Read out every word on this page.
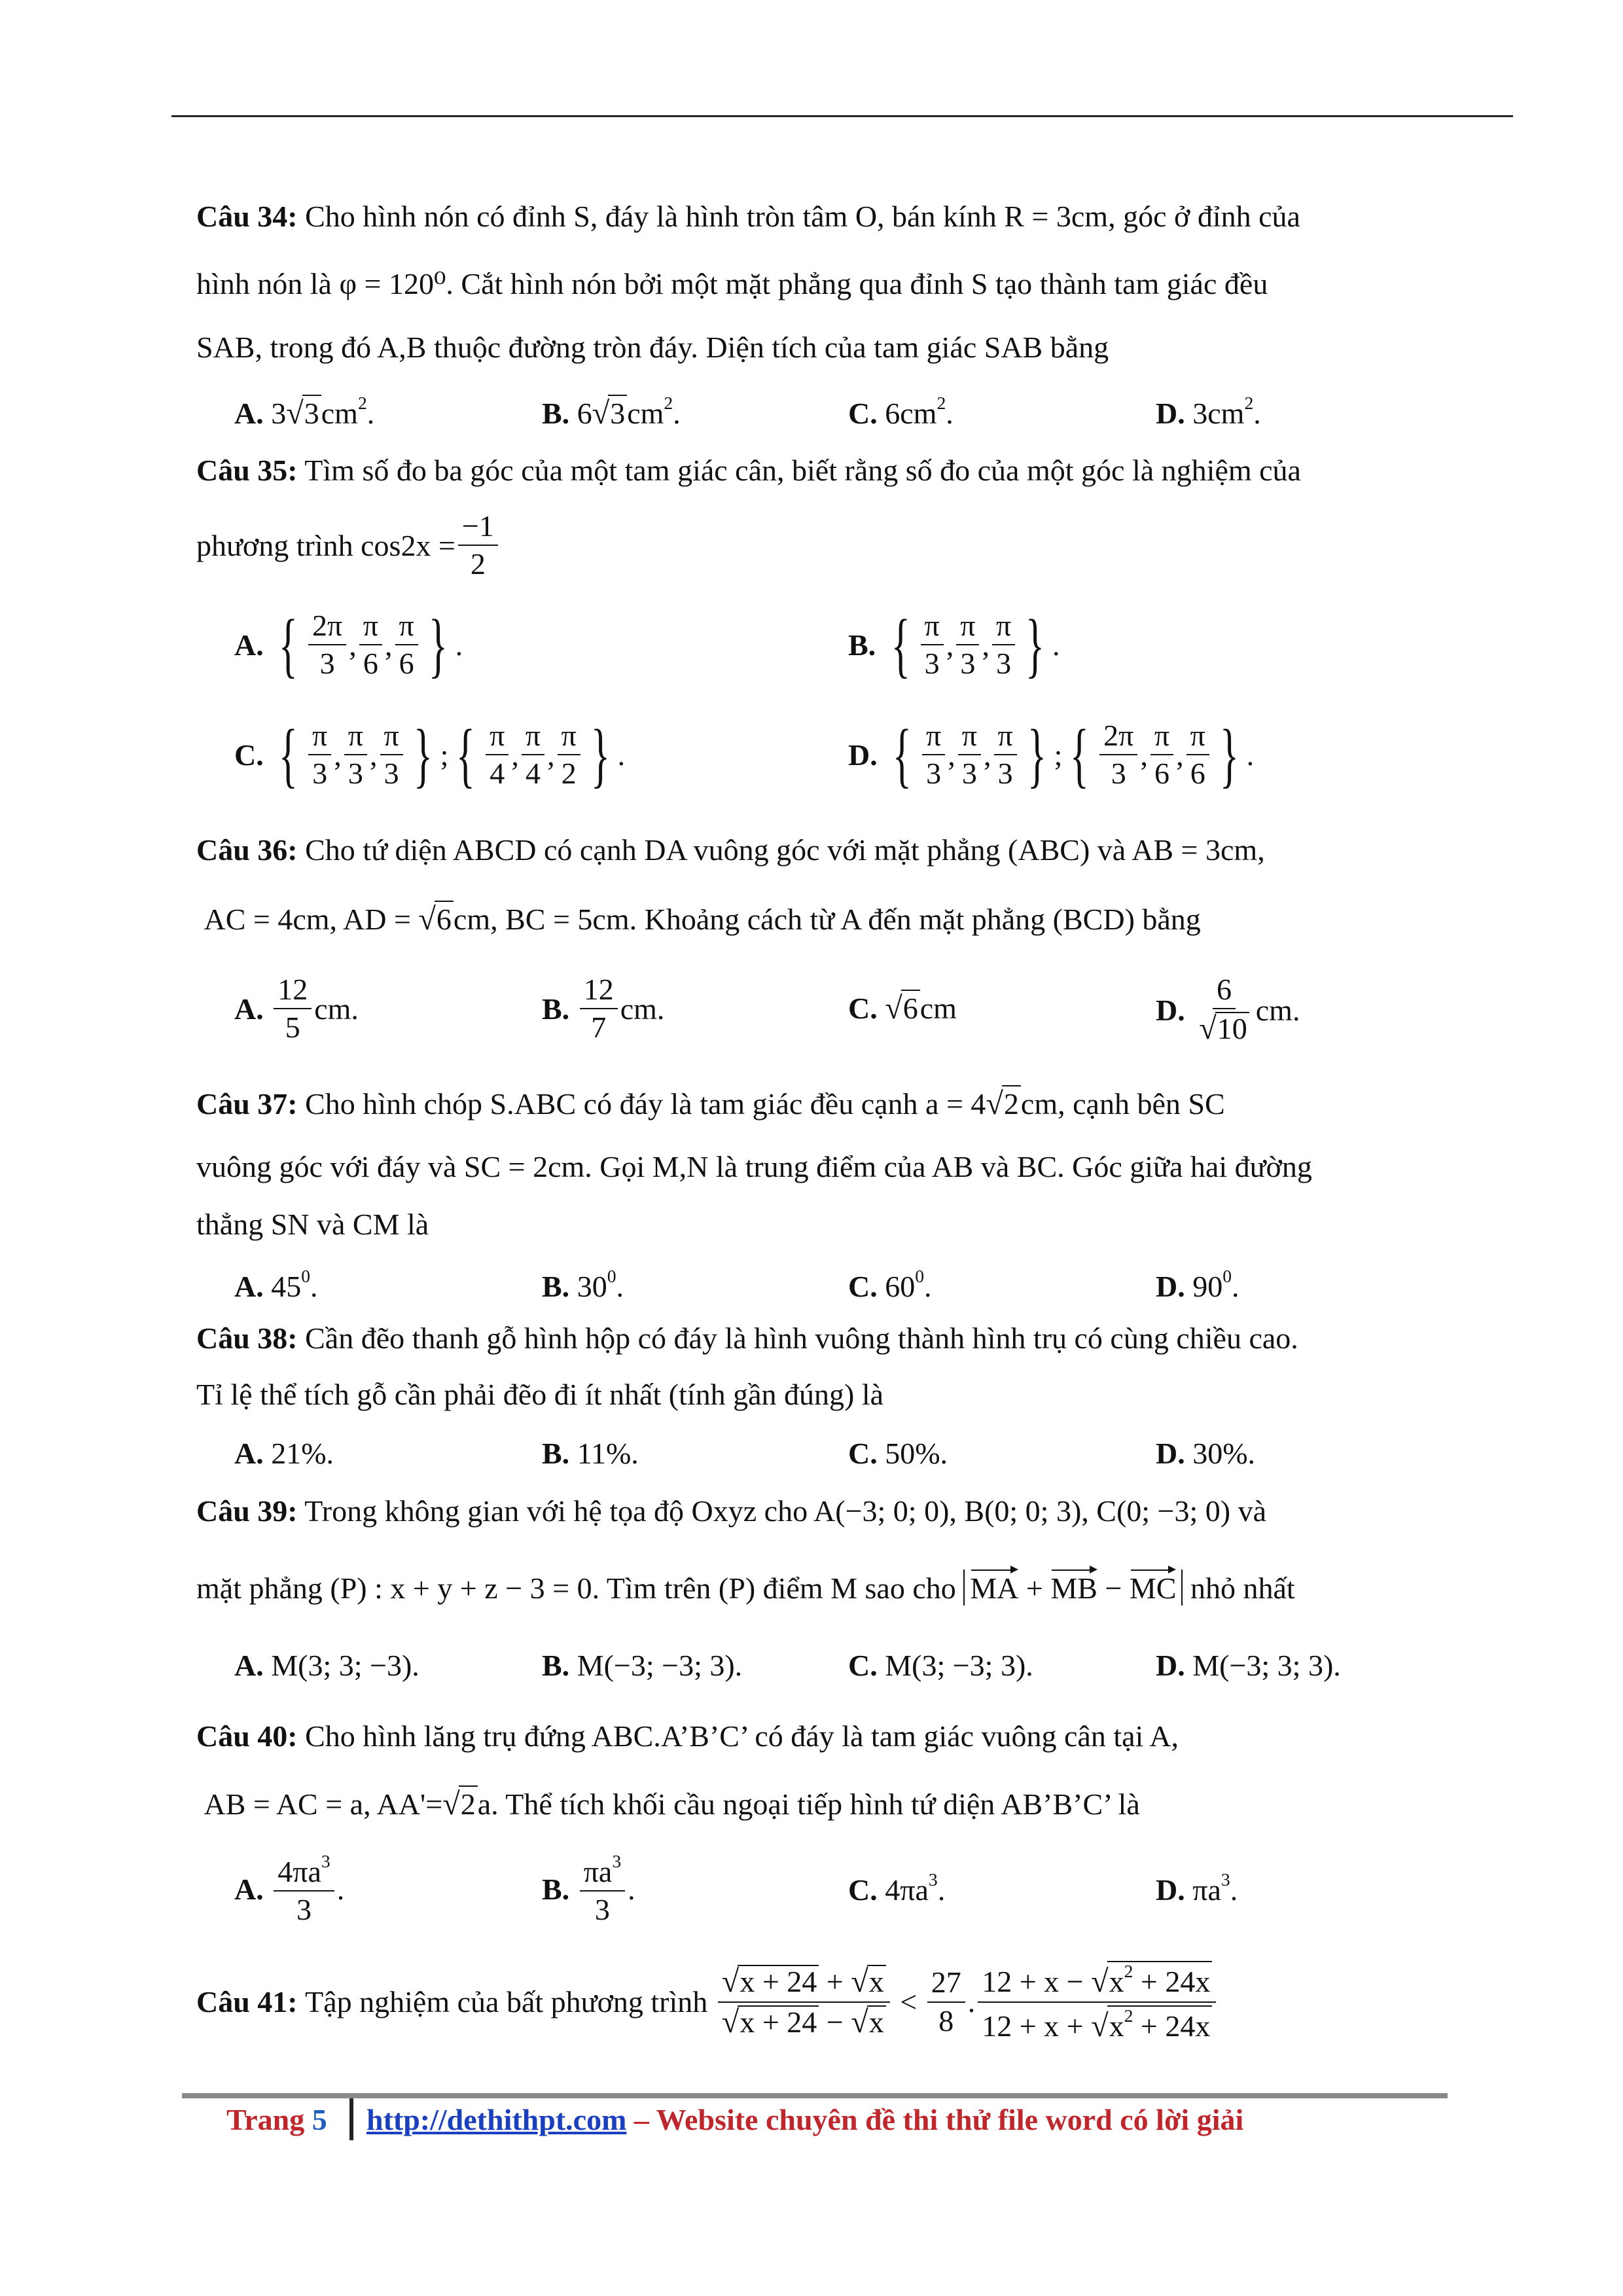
Câu 34: Cho hình nón có đỉnh S, đáy là hình tròn tâm O, bán kính R = 3cm, góc ở đỉnh của
hình nón là φ = 120⁰. Cắt hình nón bởi một mặt phẳng qua đỉnh S tạo thành tam giác đều
SAB, trong đó A,B thuộc đường tròn đáy. Diện tích của tam giác SAB bằng
A. $3√3cm^2$.	B. $6√3cm^2$.	C. $6cm^2$.	D. $3cm^2$.
Câu 35: Tìm số đo ba góc của một tam giác cân, biết rằng số đo của một góc là nghiệm của
phương trình $\cos 2x = \frac{-1}{2}$
A.
{ $\frac{2\pi}{3}$ , $\frac{\pi}{6}$ , $\frac{\pi}{6}$ } .	B.
{ $\frac{\pi}{3}$ , $\frac{\pi}{3}$ , $\frac{\pi}{3}$ } .
C.
{ $\frac{\pi}{3}$ , $\frac{\pi}{3}$ , $\frac{\pi}{3}$ } ; { $\frac{\pi}{4}$ , $\frac{\pi}{4}$ , $\frac{\pi}{2}$ } .	D.
{ $\frac{\pi}{3}$ , $\frac{\pi}{3}$ , $\frac{\pi}{3}$ } ; { $\frac{2\pi}{3}$ , $\frac{\pi}{6}$ , $\frac{\pi}{6}$ } .
Câu 36: Cho tứ diện ABCD có cạnh DA vuông góc với mặt phẳng (ABC) và AB = 3cm,
AC = 4cm, AD = √6cm, BC = 5cm. Khoảng cách từ A đến mặt phẳng (BCD) bằng
A.
$\frac{12}{5}$ cm.	B.
$\frac{12}{7}$ cm.	C. √6cm	D.
$\frac{6}{√10}$ cm.
Câu 37: Cho hình chóp S.ABC có đáy là tam giác đều cạnh a = 4√2cm, cạnh bên SC
vuông góc với đáy và SC = 2cm. Gọi M,N là trung điểm của AB và BC. Góc giữa hai đường
thẳng SN và CM là
A. $45^0$.	B. $30^0$.	C. $60^0$.	D. $90^0$.
Câu 38: Cần đẽo thanh gỗ hình hộp có đáy là hình vuông thành hình trụ có cùng chiều cao.
Tỉ lệ thể tích gỗ cần phải đẽo đi ít nhất (tính gần đúng) là
A. 21%.	B. 11%.	C. 50%.	D. 30%.
Câu 39: Trong không gian với hệ tọa độ Oxyz cho A(−3; 0; 0), B(0; 0; 3), C(0; −3; 0) và
mặt phẳng (P) : x + y + z − 3 = 0. Tìm trên (P) điểm M sao cho MA + MB − MC nhỏ nhất
A. M(3; 3; −3).	B. M(−3; −3; 3).	C. M(3; −3; 3).	D. M(−3; 3; 3).
Câu 40: Cho hình lăng trụ đứng ABC.A’B’C’ có đáy là tam giác vuông cân tại A,
AB = AC = a, AA'=√2a. Thể tích khối cầu ngoại tiếp hình tứ diện AB’B’C’ là
A.
$\frac{4\pi a^3}{3}$ .	B.
$\frac{\pi a^3}{3}$ .	C. $4\pi a^3$.	D. $\pi a^3$.
Câu 41:
Tập nghiệm của bất phương trình
$\frac{√x + 24 + √x}{√x + 24 - √x}$
<
$\frac{27}{8}$ . $\frac{12 + x - √x^2 + 24x}{12 + x + √x^2 + 24x}$
Trang 5 http://dethithpt.com – Website chuyên đề thi thử file word có lời giải
